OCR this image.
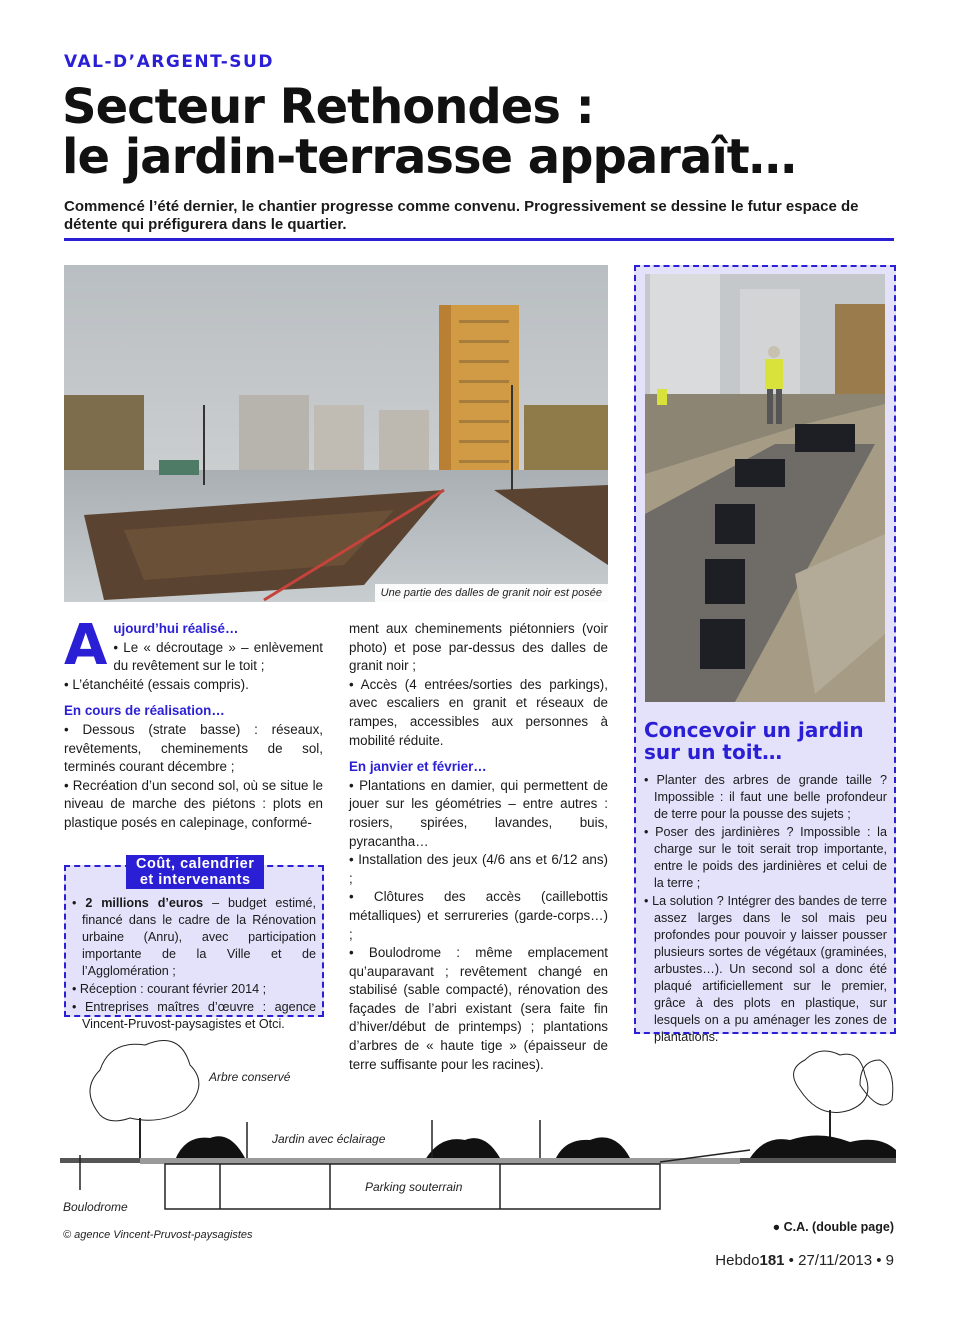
VAL-D’ARGENT-SUD
Secteur Rethondes :
le jardin-terrasse apparaît…
Commencé l’été dernier, le chantier progresse comme convenu. Progressivement se dessine le futur espace de détente qui préfigurera dans le quartier.
Une partie des dalles de granit noir est posée

A ujourd’hui réalisé…
• Le « décroutage » – enlèvement du revêtement sur le toit ;

• L’étanchéité (essais compris).

En cours de réalisation…

• Dessous (strate basse) : réseaux, revêtements, cheminements de sol, terminés courant décembre ;

• Recréation d’un second sol, où se situe le niveau de marche des piétons : plots en plastique posés en calepinage, conformé-

Coût, calendrier
et intervenants

• 2 millions d’euros – budget estimé, financé dans le cadre de la Rénovation urbaine (Anru), avec participation importante de la Ville et de l’Agglomération ;

• Réception : courant février 2014 ;

• Entreprises maîtres d’œuvre : agence Vincent-Pruvost-paysagistes et Otci.

ment aux cheminements piétonniers (voir photo) et pose par-dessus des dalles de granit noir ;

• Accès (4 entrées/sorties des parkings), avec escaliers en granit et réseaux de rampes, accessibles aux personnes à mobilité réduite.

En janvier et février…

• Plantations en damier, qui permettent de jouer sur les géométries – entre autres : rosiers, spirées, lavandes, buis, pyracantha…

• Installation des jeux (4/6 ans et 6/12 ans) ;

• Clôtures des accès (caillebottis métalliques) et serrureries (garde-corps…) ;

• Boulodrome : même emplacement qu’auparavant ; revêtement changé en stabilisé (sable compacté), rénovation des façades de l’abri existant (sera faite fin d’hiver/début de printemps) ; plantations d’arbres de « haute tige » (épaisseur de terre suffisante pour les racines).

Concevoir un jardin
sur un toit…

• Planter des arbres de grande taille ? Impossible : il faut une belle profondeur de terre pour la pousse des sujets ;

• Poser des jardinières ? Impossible : la charge sur le toit serait trop importante, entre le poids des jardinières et celui de la terre ;

• La solution ? Intégrer des bandes de terre assez larges dans le sol mais peu profondes pour pouvoir y laisser pousser plusieurs sortes de végétaux (graminées, arbustes…). Un second sol a donc été plaqué artificiellement sur le premier, grâce à des plots en plastique, sur lesquels on a pu aménager les zones de plantations.

Arbre conservé
Jardin avec éclairage
Parking souterrain
Boulodrome
© agence Vincent-Pruvost-paysagistes
● C.A. (double page)
Hebdo181 • 27/11/2013 • 9
